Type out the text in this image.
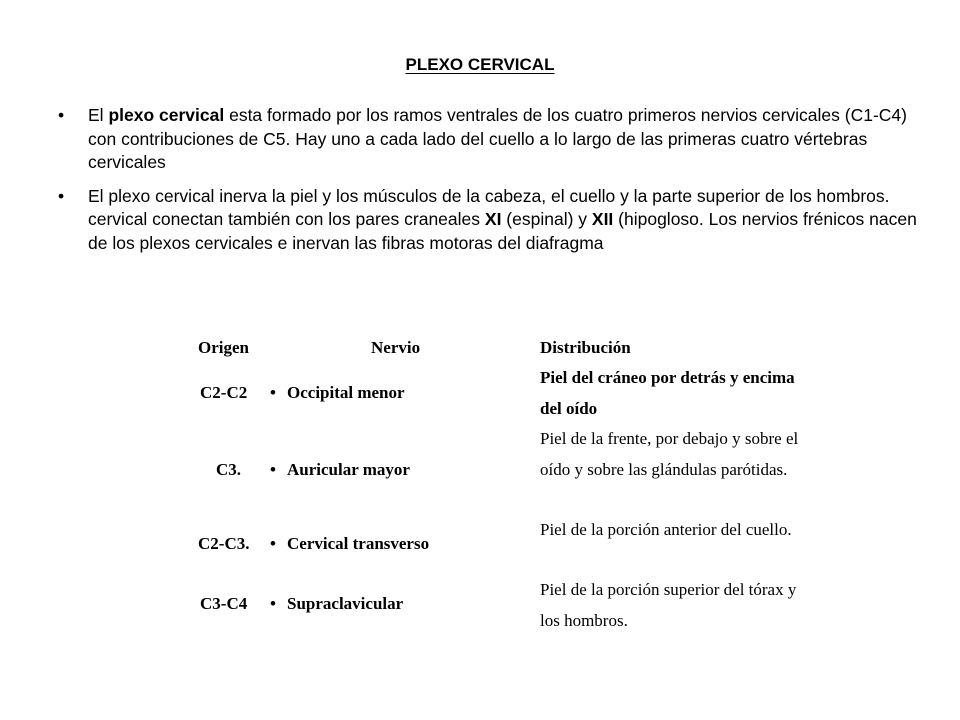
PLEXO CERVICAL
• El plexo cervical esta formado por los ramos ventrales de los cuatro primeros nervios cervicales (C1-C4) con contribuciones de C5. Hay uno a cada lado del cuello a lo largo de las primeras cuatro vértebras cervicales
• El plexo cervical inerva la piel y los músculos de la cabeza, el cuello y la parte superior de los hombros. cervical conectan también con los pares craneales XI (espinal) y XII (hipogloso. Los nervios frénicos nacen de los plexos cervicales e inervan las fibras motoras del diafragma
Origen	Nervio	Distribución
C2-C2 • Occipital menor
Piel del cráneo por detrás y encima del oído
C3. • Auricular mayor
Piel de la frente, por debajo y sobre el oído y sobre las glándulas parótidas.
C2-C3. • Cervical transverso
Piel de la porción anterior del cuello.
C3-C4 • Supraclavicular
Piel de la porción superior del tórax y los hombros.
